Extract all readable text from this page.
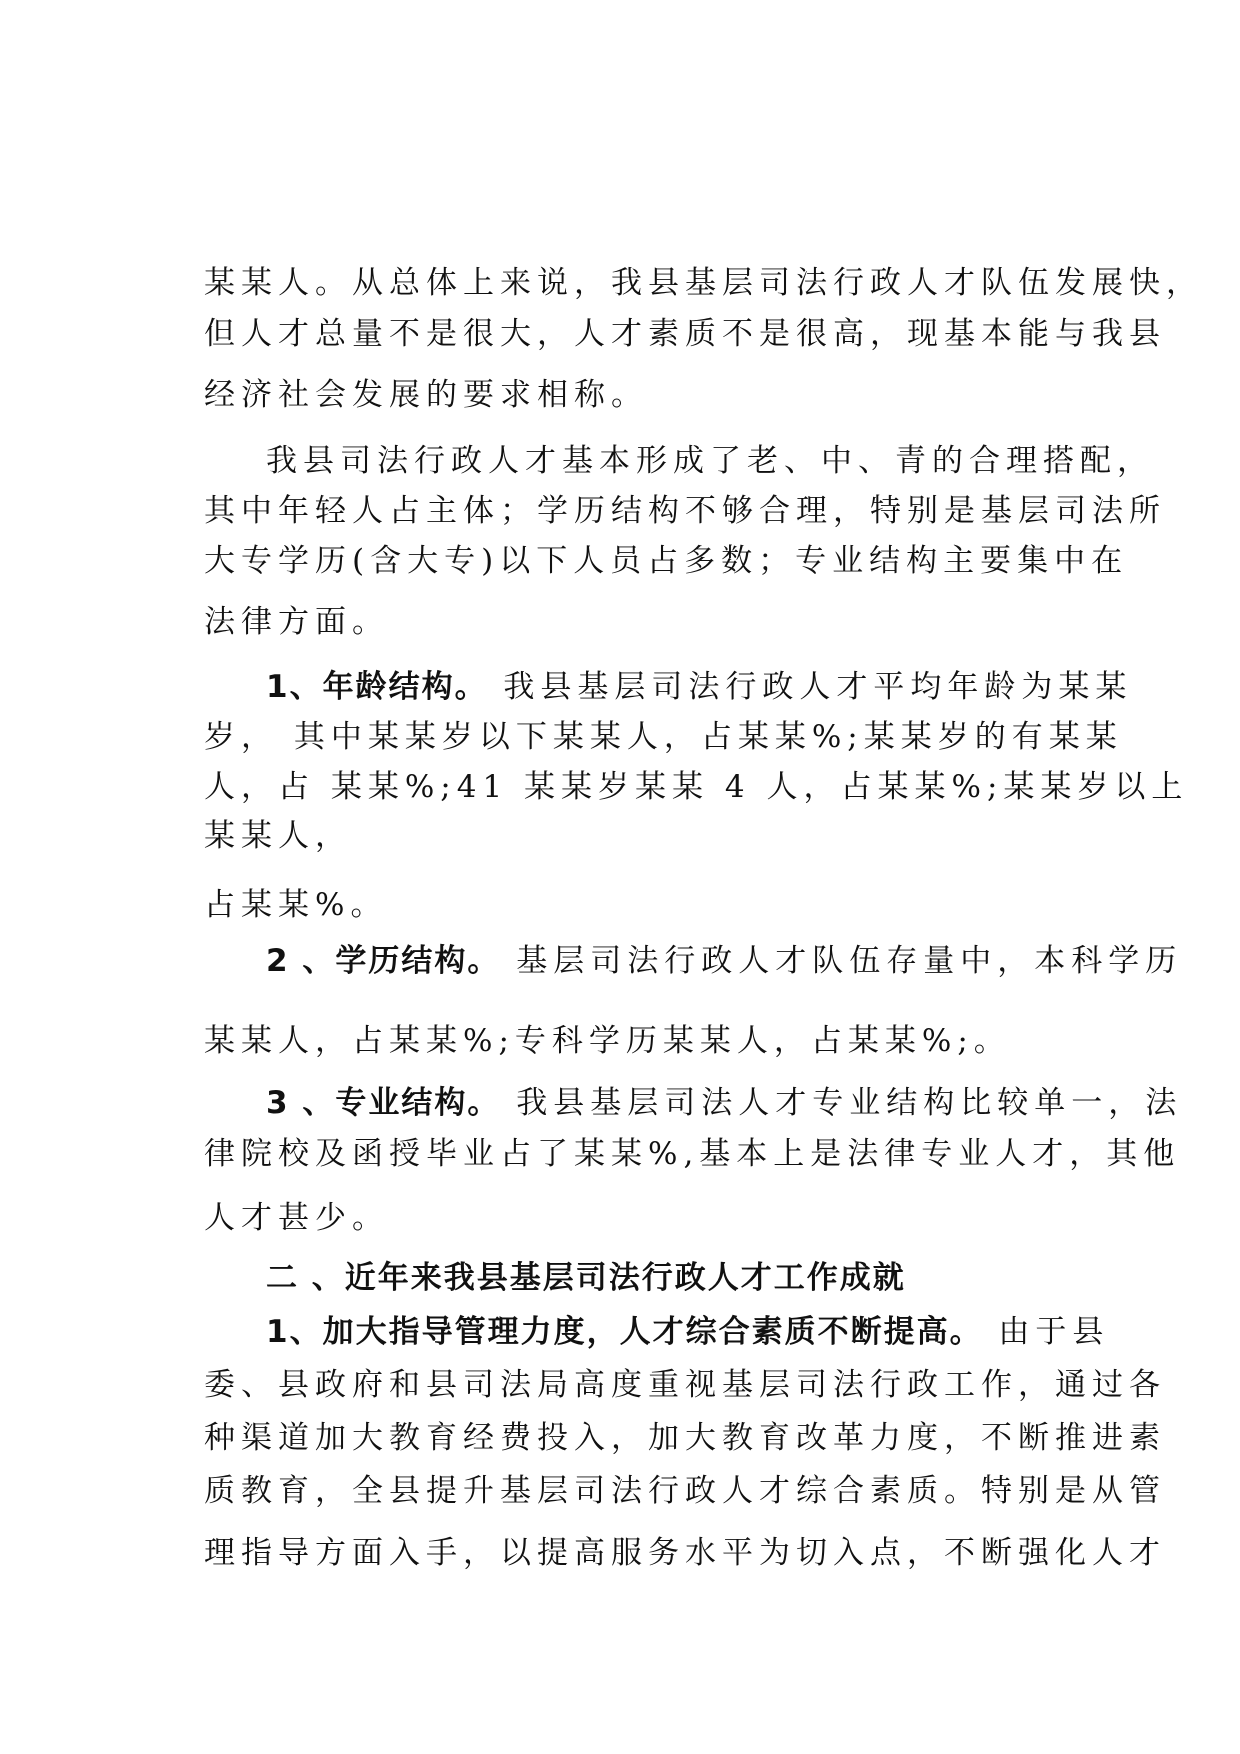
某某人。从总体上来说，我县基层司法行政人才队伍发展快，
但人才总量不是很大，人才素质不是很高，现基本能与我县
经济社会发展的要求相称。
我县司法行政人才基本形成了老、中、青的合理搭配，
其中年轻人占主体；学历结构不够合理，特别是基层司法所
大专学历(含大专)以下人员占多数；专业结构主要集中在
法律方面。
1、年龄结构。 我县基层司法行政人才平均年龄为某某
岁， 其中某某岁以下某某人，占某某%;某某岁的有某某
人，占 某某%;41 某某岁某某 4 人，占某某%;某某岁以上
某某人，
占某某%。
2 、学历结构。 基层司法行政人才队伍存量中，本科学历
某某人，占某某%;专科学历某某人，占某某%;。
3 、专业结构。 我县基层司法人才专业结构比较单一，法
律院校及函授毕业占了某某%,基本上是法律专业人才，其他
人才甚少。
二 、近年来我县基层司法行政人才工作成就
1、加大指导管理力度，人才综合素质不断提高。 由于县
委、县政府和县司法局高度重视基层司法行政工作，通过各
种渠道加大教育经费投入，加大教育改革力度，不断推进素
质教育，全县提升基层司法行政人才综合素质。特别是从管
理指导方面入手，以提高服务水平为切入点，不断强化人才
